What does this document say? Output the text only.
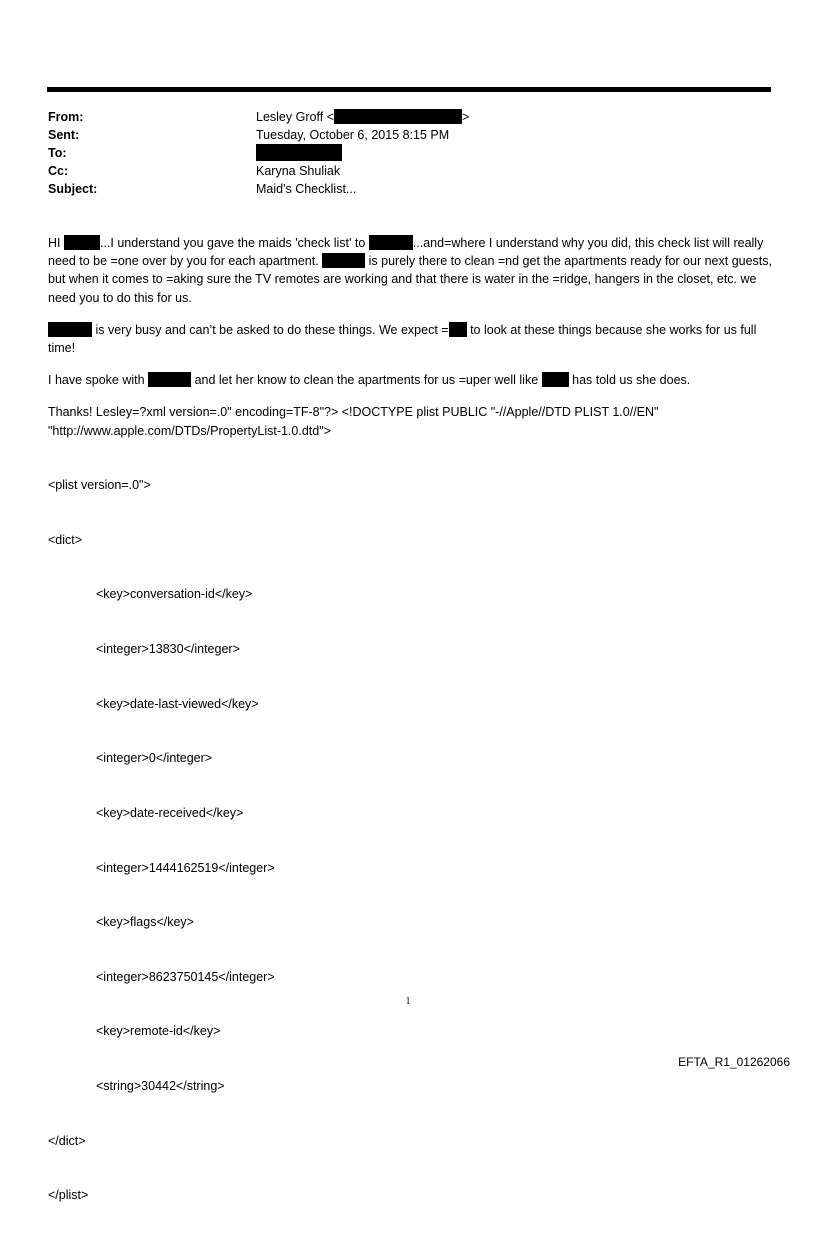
From:	Lesley Groff <	>
Sent:	Tuesday, October 6, 2015 8:15 PM
To:
Cc:	Karyna Shuliak
Subject:	Maid's Checklist...

HI	...I understand you gave the maids 'check list' to	...and=where I understand why you did, this check list will really need to be =one over by you for each apartment.	is purely there to clean =nd get the apartments ready for our next guests, but when it comes to =aking sure the TV remotes are working and that there is water in the =ridge, hangers in the closet, etc. we need you to do this for us.

is very busy and can’t be asked to do these things. We expect = to look at these things because she works for us full time!

I have spoke with	and let her know to clean the apartments for us =uper well like	has told us she does.

Thanks! Lesley=?xml version=.0" encoding=TF-8"?> <!DOCTYPE plist PUBLIC "-//Apple//DTD PLIST 1.0//EN"
"http://www.apple.com/DTDs/PropertyList-1.0.dtd">

<plist version=.0">

<dict>

<key>conversation-id</key>

<integer>13830</integer>

<key>date-last-viewed</key>

<integer>0</integer>

<key>date-received</key>

<integer>1444162519</integer>

<key>flags</key>

<integer>8623750145</integer>

<key>remote-id</key>

<string>30442</string>

</dict>

</plist>

1
EFTA_R1_01262066
